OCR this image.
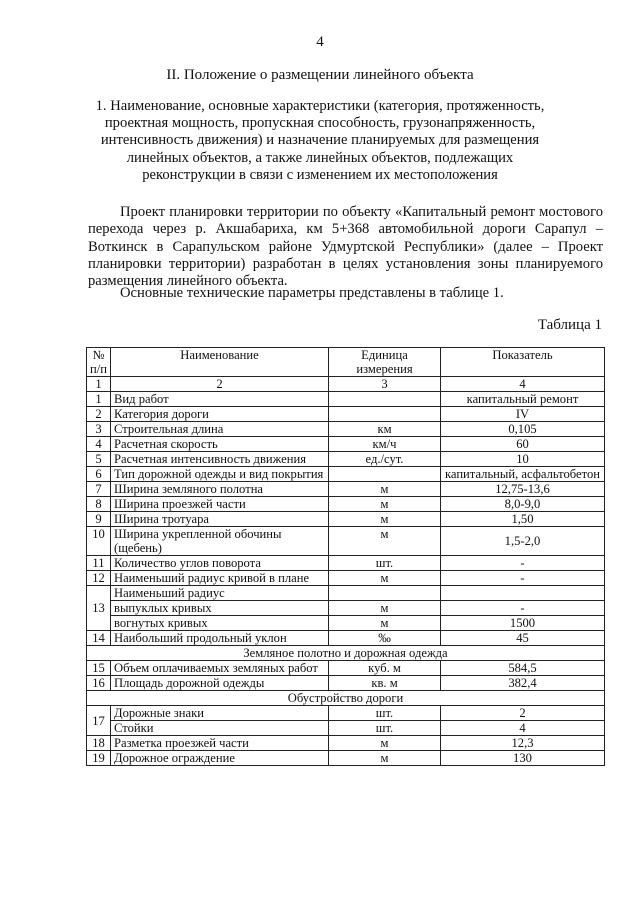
4
II. Положение о размещении линейного объекта
1. Наименование, основные характеристики (категория, протяженность, проектная мощность, пропускная способность, грузонапряженность, интенсивность движения) и назначение планируемых для размещения линейных объектов, а также линейных объектов, подлежащих реконструкции в связи с изменением их местоположения
Проект планировки территории по объекту «Капитальный ремонт мостового перехода через р. Акшабариха, км 5+368 автомобильной дороги Сарапул – Воткинск в Сарапульском районе Удмуртской Республики» (далее – Проект планировки территории) разработан в целях установления зоны планируемого размещения линейного объекта.
Основные технические параметры представлены в таблице 1.
Таблица 1
№ п/п	Наименование	Единица измерения	Показатель
1	2	3	4
1	Вид работ		капитальный ремонт
2	Категория дороги		IV
3	Строительная длина	км	0,105
4	Расчетная скорость	км/ч	60
5	Расчетная интенсивность движения	ед./сут.	10
6	Тип дорожной одежды и вид покрытия		капитальный, асфальтобетон
7	Ширина земляного полотна	м	12,75-13,6
8	Ширина проезжей части	м	8,0-9,0
9	Ширина тротуара	м	1,50
10	Ширина укрепленной обочины (щебень)	м	1,5-2,0
11	Количество углов поворота	шт.	-
12	Наименьший радиус кривой в плане	м	-
13	Наименьший радиус		
	выпуклых кривых	м	-
	вогнутых кривых	м	1500
14	Наибольший продольный уклон	‰	45
Земляное полотно и дорожная одежда			
15	Объем оплачиваемых земляных работ	куб. м	584,5
16	Площадь дорожной одежды	кв. м	382,4
Обустройство дороги			
17	Дорожные знаки	шт.	2
	Стойки	шт.	4
18	Разметка проезжей части	м	12,3
19	Дорожное ограждение	м	130
